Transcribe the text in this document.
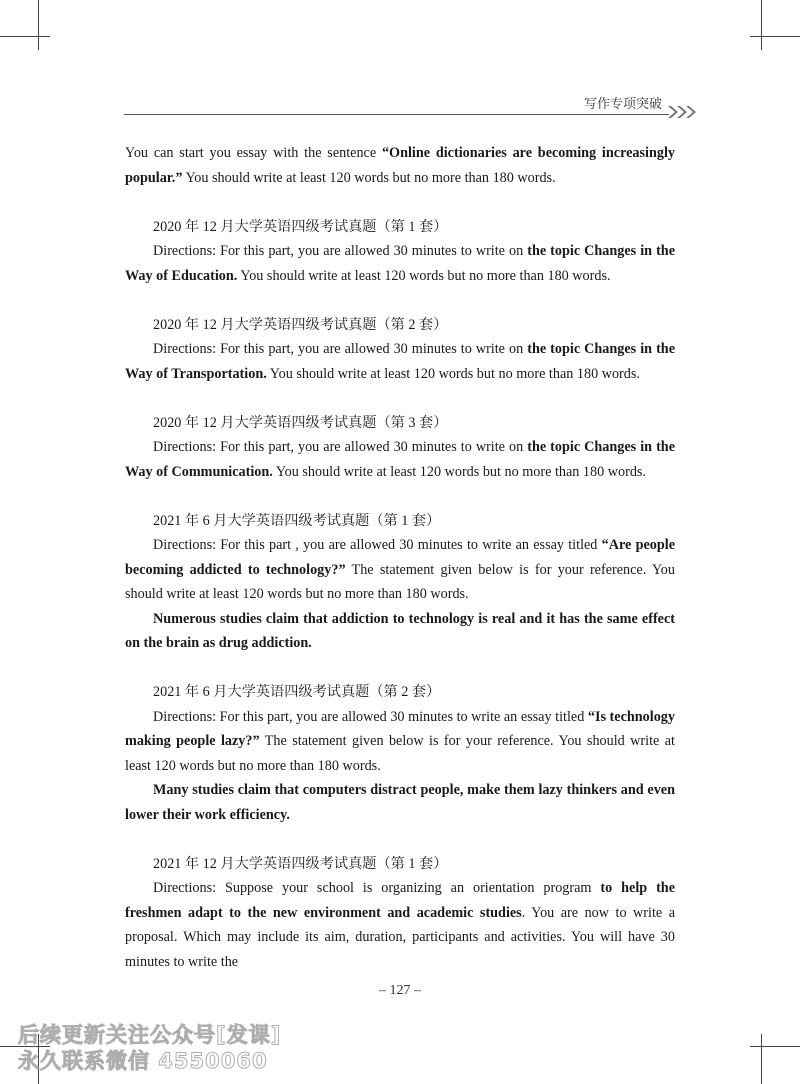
写作专项突破

You can start you essay with the sentence “Online dictionaries are becoming increasingly popular.” You should write at least 120 words but no more than 180 words.

2020 年 12 月大学英语四级考试真题（第 1 套）

Directions: For this part, you are allowed 30 minutes to write on the topic Changes in the Way of Education. You should write at least 120 words but no more than 180 words.

2020 年 12 月大学英语四级考试真题（第 2 套）

Directions: For this part, you are allowed 30 minutes to write on the topic Changes in the Way of Transportation. You should write at least 120 words but no more than 180 words.

2020 年 12 月大学英语四级考试真题（第 3 套）

Directions: For this part, you are allowed 30 minutes to write on the topic Changes in the Way of Communication. You should write at least 120 words but no more than 180 words.

2021 年 6 月大学英语四级考试真题（第 1 套）

Directions: For this part , you are allowed 30 minutes to write an essay titled “Are people becoming addicted to technology?” The statement given below is for your reference. You should write at least 120 words but no more than 180 words.

Numerous studies claim that addiction to technology is real and it has the same effect on the brain as drug addiction.

2021 年 6 月大学英语四级考试真题（第 2 套）

Directions: For this part, you are allowed 30 minutes to write an essay titled “Is technology making people lazy?” The statement given below is for your reference. You should write at least 120 words but no more than 180 words.

Many studies claim that computers distract people, make them lazy thinkers and even lower their work efficiency.

2021 年 12 月大学英语四级考试真题（第 1 套）

Directions: Suppose your school is organizing an orientation program to help the freshmen adapt to the new environment and academic studies. You are now to write a proposal. Which may include its aim, duration, participants and activities. You will have 30 minutes to write the

– 127 –
后续更新关注公众号[发课]
永久联系微信 4550060
